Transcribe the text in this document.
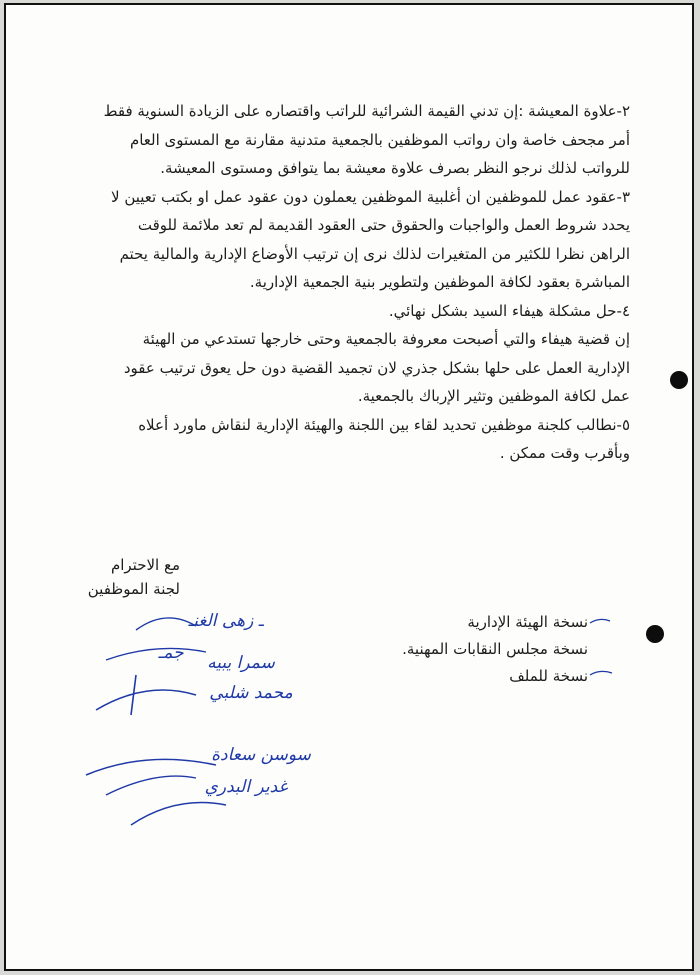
٢-علاوة المعيشة :إن تدني القيمة الشرائية للراتب واقتصاره على الزيادة السنوية فقط أمر مجحف خاصة وان رواتب الموظفين بالجمعية متدنية مقارنة مع المستوى العام للرواتب لذلك نرجو النظر بصرف علاوة معيشة بما يتوافق ومستوى المعيشة.

٣-عقود عمل للموظفين ان أغلبية الموظفين يعملون دون عقود عمل او بكتب تعيين لا يحدد شروط العمل والواجبات والحقوق حتى العقود القديمة لم تعد ملائمة للوقت الراهن نظرا للكثير من المتغيرات لذلك نرى إن ترتيب الأوضاع الإدارية والمالية يحتم المباشرة بعقود لكافة الموظفين ولتطوير بنية الجمعية الإدارية.

٤-حل مشكلة هيفاء السيد بشكل نهائي.

إن قضية هيفاء والتي أصبحت معروفة بالجمعية وحتى خارجها تستدعي من الهيئة الإدارية العمل على حلها بشكل جذري لان تجميد القضية دون حل يعوق ترتيب عقود عمل لكافة الموظفين وتثير الإرباك بالجمعية.

٥-نطالب كلجنة موظفين تحديد لقاء بين اللجنة والهيئة الإدارية لنقاش ماورد أعلاه وبأقرب وقت ممكن .

مع الاحترام

لجنة الموظفين

نسخة الهيئة الإدارية

نسخة مجلس النقابات المهنية.

نسخة للملف

ـ زهى الغنـ
جمـ سمرا يبيه
محمد شلبي
سوسن سعادة
غدير البدري
